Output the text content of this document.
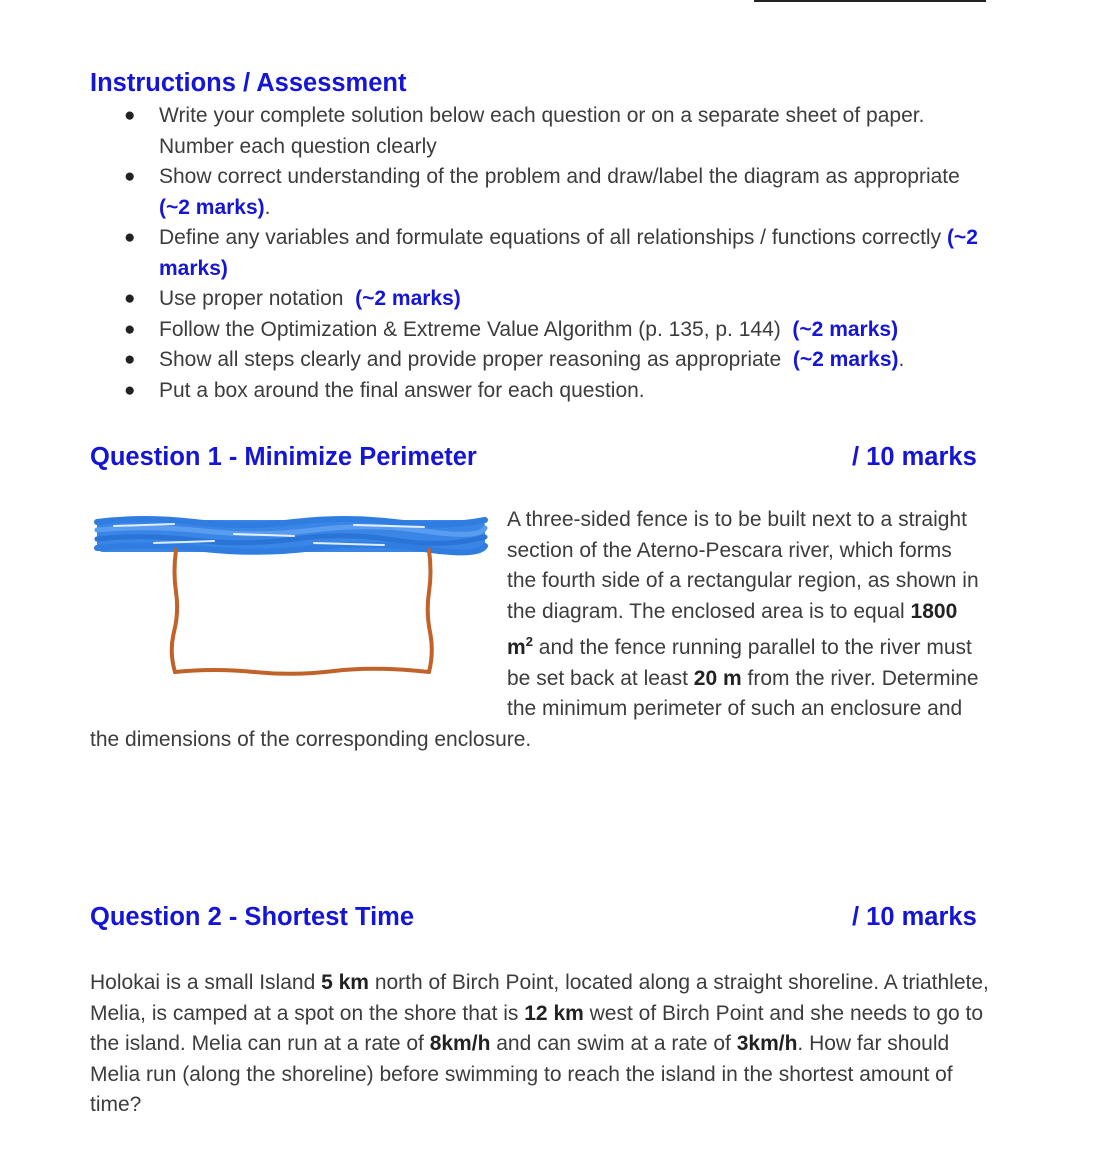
Instructions / Assessment
● Write your complete solution below each question or on a separate sheet of paper. Number each question clearly
● Show correct understanding of the problem and draw/label the diagram as appropriate  (~2 marks).
● Define any variables and formulate equations of all relationships / functions correctly (~2 marks)
● Use proper notation (~2 marks)
● Follow the Optimization & Extreme Value Algorithm (p. 135, p. 144) (~2 marks)
● Show all steps clearly and provide proper reasoning as appropriate (~2 marks).
● Put a box around the final answer for each question.
Question 1 - Minimize Perimeter	/ 10 marks

A three-sided fence is to be built next to a straight section of the Aterno-Pescara river, which forms the fourth side of a rectangular region, as shown in the diagram. The enclosed area is to equal 1800 $m^2$ and the fence running parallel to the river must be set back at least 20 m from the river. Determine the minimum perimeter of such an enclosure and the dimensions of the corresponding enclosure.

Question 2 - Shortest Time	/ 10 marks

Holokai is a small Island 5 km north of Birch Point, located along a straight shoreline. A triathlete, Melia, is camped at a spot on the shore that is 12 km west of Birch Point and she needs to go to the island. Melia can run at a rate of 8km/h and can swim at a rate of 3km/h. How far should Melia run (along the shoreline) before swimming to reach the island in the shortest amount of time?
